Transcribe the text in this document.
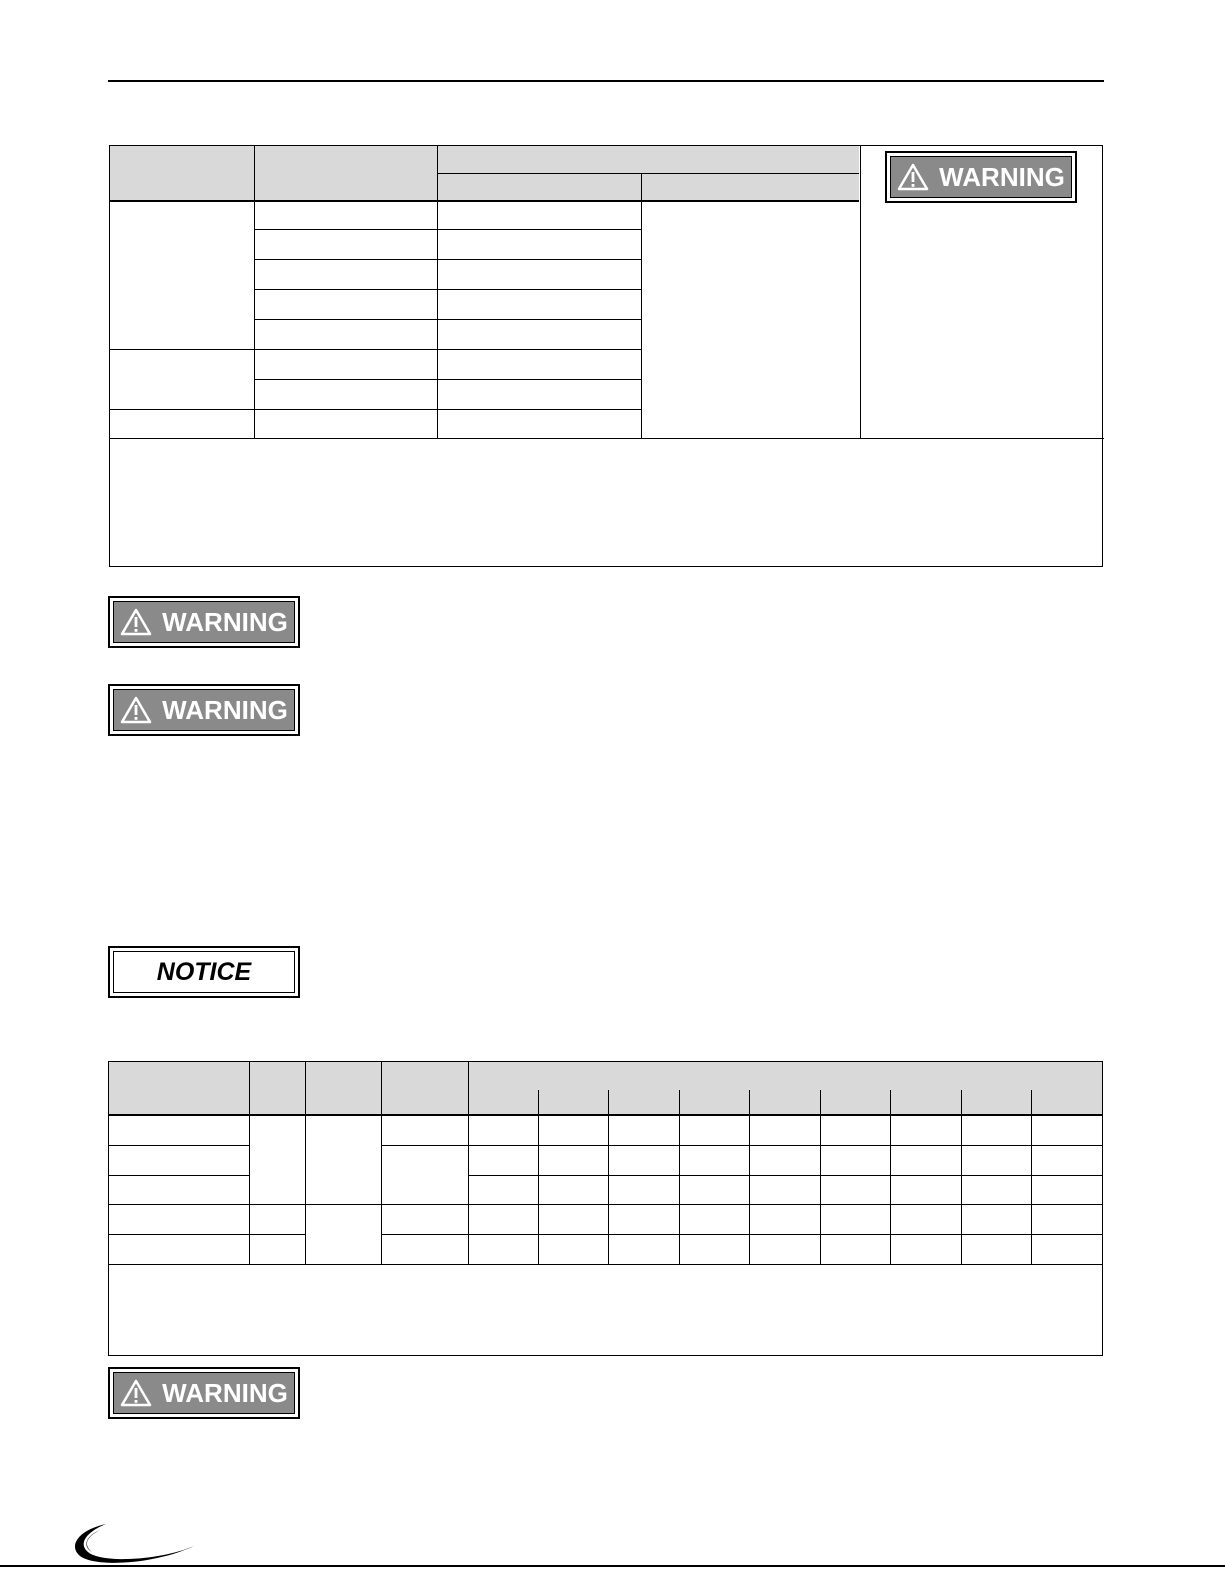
WARNING
WARNING
WARNING
NOTICE
WARNING
